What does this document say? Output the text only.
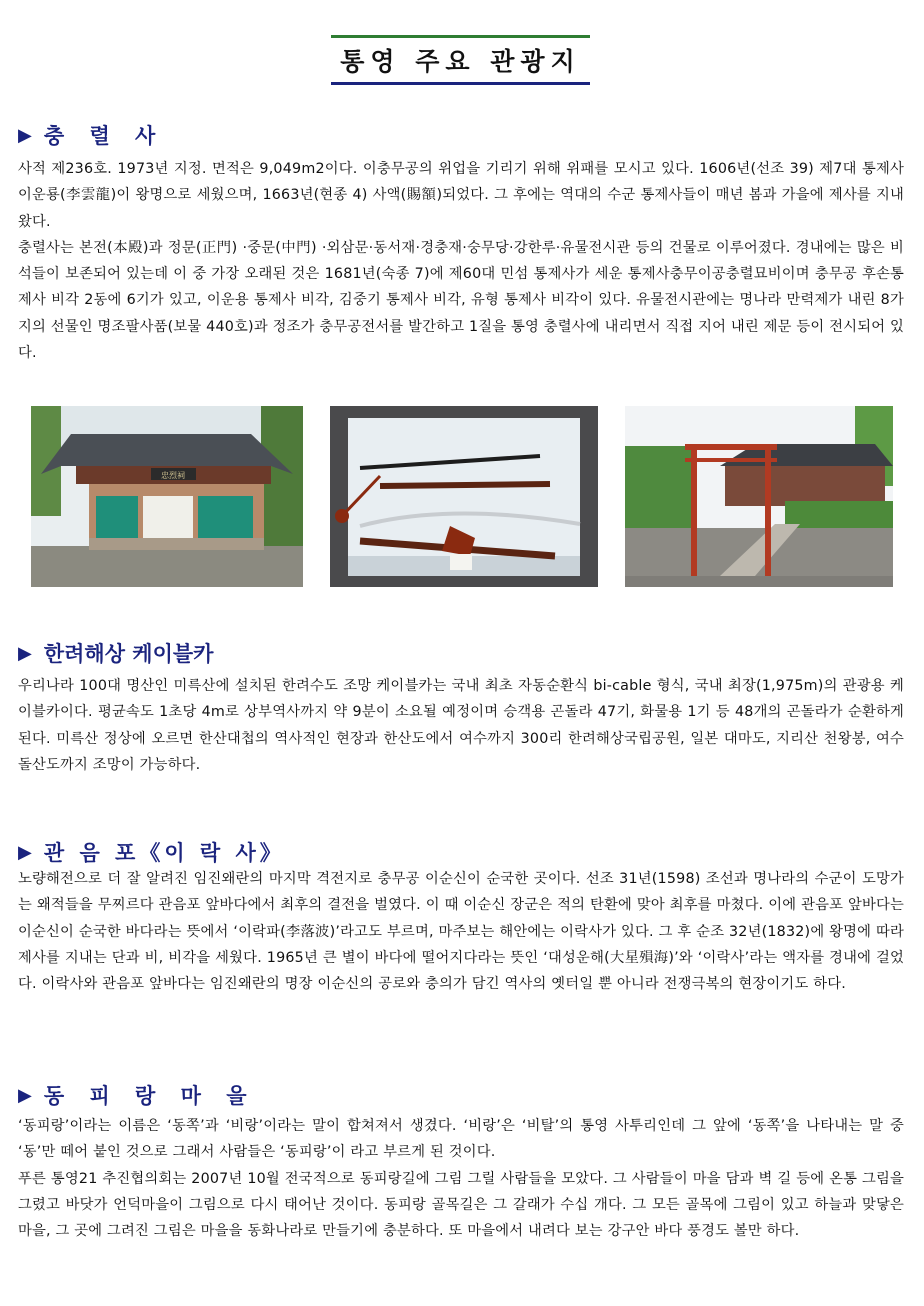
통영 주요 관광지
▶ 충 렬 사

사적 제236호. 1973년 지정. 면적은 9,049m2이다. 이충무공의 위업을 기리기 위해 위패를 모시고 있다. 1606년(선조 39) 제7대 통제사 이운룡(李雲龍)이 왕명으로 세웠으며, 1663년(현종 4) 사액(賜額)되었다. 그 후에는 역대의 수군 통제사들이 매년 봄과 가을에 제사를 지내왔다.

충렬사는 본전(本殿)과 정문(正門) ·중문(中門) ·외삼문·동서재·경충재·숭무당·강한루·유물전시관 등의 건물로 이루어졌다. 경내에는 많은 비석들이 보존되어 있는데 이 중 가장 오래된 것은 1681년(숙종 7)에 제60대 민섬 통제사가 세운 통제사충무이공충렬묘비이며 충무공 후손통제사 비각 2동에 6기가 있고, 이운용 통제사 비각, 김중기 통제사 비각, 유형 통제사 비각이 있다. 유물전시관에는 명나라 만력제가 내린 8가지의 선물인 명조팔사품(보물 440호)과 정조가 충무공전서를 발간하고 1질을 통영 충렬사에 내리면서 직접 지어 내린 제문 등이 전시되어 있다.

忠烈祠
▶ 한려해상 케이블카

우리나라 100대 명산인 미륵산에 설치된 한려수도 조망 케이블카는 국내 최초 자동순환식 bi-cable 형식, 국내 최장(1,975m)의 관광용 케이블카이다. 평균속도 1초당 4m로 상부역사까지 약 9분이 소요될 예정이며 승객용 곤돌라 47기, 화물용 1기 등 48개의 곤돌라가 순환하게 된다. 미륵산 정상에 오르면 한산대첩의 역사적인 현장과 한산도에서 여수까지 300리 한려해상국립공원, 일본 대마도, 지리산 천왕봉, 여수 돌산도까지 조망이 가능하다.

▶ 관 음 포《이 락 사》

노량해전으로 더 잘 알려진 임진왜란의 마지막 격전지로 충무공 이순신이 순국한 곳이다. 선조 31년(1598) 조선과 명나라의 수군이 도망가는 왜적들을 무찌르다 관음포 앞바다에서 최후의 결전을 벌였다. 이 때 이순신 장군은 적의 탄환에 맞아 최후를 마쳤다. 이에 관음포 앞바다는 이순신이 순국한 바다라는 뜻에서 ‘이락파(李落波)’라고도 부르며, 마주보는 해안에는 이락사가 있다. 그 후 순조 32년(1832)에 왕명에 따라 제사를 지내는 단과 비, 비각을 세웠다. 1965년 큰 별이 바다에 떨어지다라는 뜻인 ‘대성운해(大星殞海)’와 ‘이락사’라는 액자를 경내에 걸었다. 이락사와 관음포 앞바다는 임진왜란의 명장 이순신의 공로와 충의가 담긴 역사의 옛터일 뿐 아니라 전쟁극복의 현장이기도 하다.

▶ 동 피 랑 마 을

‘동피랑’이라는 이름은 ‘동쪽’과 ‘비랑’이라는 말이 합쳐져서 생겼다. ‘비랑’은 ‘비탈’의 통영 사투리인데 그 앞에 ‘동쪽’을 나타내는 말 중 ‘동’만 떼어 붙인 것으로 그래서 사람들은 ‘동피랑’이 라고 부르게 된 것이다.

푸른 통영21 추진협의회는 2007년 10월 전국적으로 동피랑길에 그림 그릴 사람들을 모았다. 그 사람들이 마을 담과 벽 길 등에 온통 그림을 그렸고 바닷가 언덕마을이 그림으로 다시 태어난 것이다. 동피랑 골목길은 그 갈래가 수십 개다. 그 모든 골목에 그림이 있고 하늘과 맞닿은 마을, 그 곳에 그려진 그림은 마을을 동화나라로 만들기에 충분하다. 또 마을에서 내려다 보는 강구안 바다 풍경도 볼만 하다.
